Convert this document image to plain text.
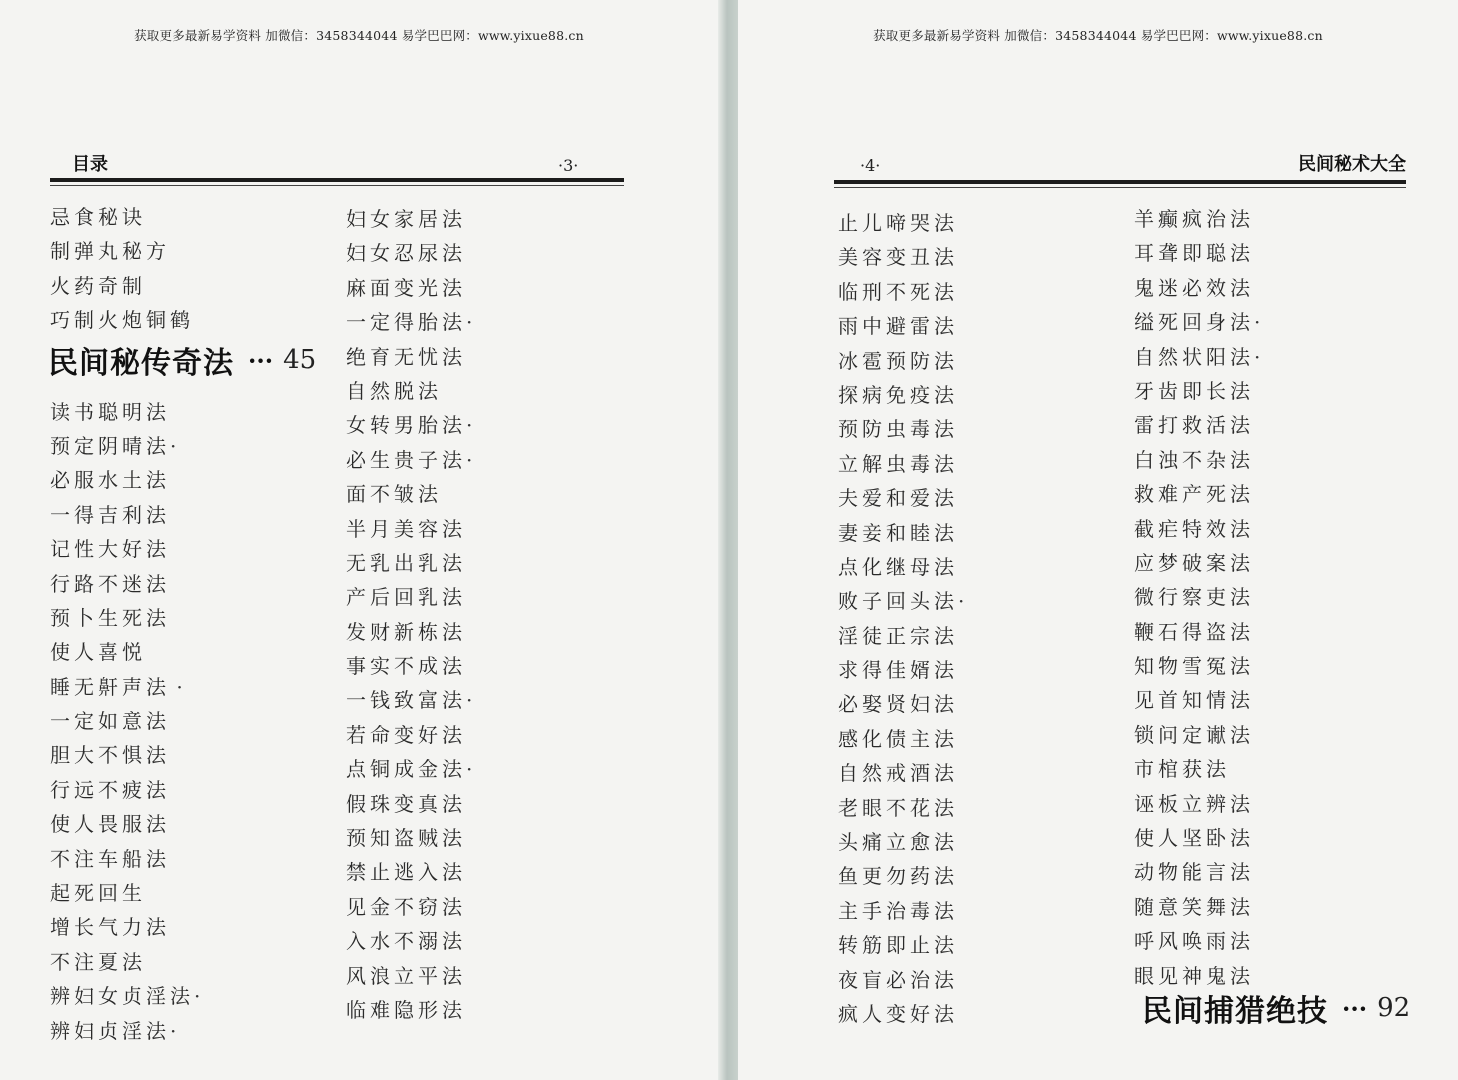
获取更多最新易学资料 加微信：3458344044 易学巴巴网：www.yixue88.cn
目录	·3·
忌食秘诀
制弹丸秘方
火药奇制
巧制火炮铜鹤
读书聪明法
预定阴晴法·
必服水土法
一得吉利法
记性大好法
行路不迷法
预卜生死法
使人喜悦
睡无鼾声法 ·
一定如意法
胆大不惧法
行远不疲法
使人畏服法
不注车船法
起死回生
增长气力法
不注夏法
辨妇女贞淫法·
辨妇贞淫法·
民间秘传奇法 ··· 45
妇女家居法
妇女忍尿法
麻面变光法
一定得胎法·
绝育无忧法
自然脱法
女转男胎法·
必生贵子法·
面不皱法
半月美容法
无乳出乳法
产后回乳法
发财新栋法
事实不成法
一钱致富法·
若命变好法
点铜成金法·
假珠变真法
预知盗贼法
禁止逃入法
见金不窃法
入水不溺法
风浪立平法
临难隐形法
获取更多最新易学资料 加微信：3458344044 易学巴巴网：www.yixue88.cn
·4·	民间秘术大全
止儿啼哭法
美容变丑法
临刑不死法
雨中避雷法
冰雹预防法
探病免疫法
预防虫毒法
立解虫毒法
夫爱和爱法
妻妾和睦法
点化继母法
败子回头法·
淫徒正宗法
求得佳婿法
必娶贤妇法
感化债主法
自然戒酒法
老眼不花法
头痛立愈法
鱼更勿药法
主手治毒法
转筋即止法
夜盲必治法
疯人变好法
羊癫疯治法
耳聋即聪法
鬼迷必效法
缢死回身法·
自然状阳法·
牙齿即长法
雷打救活法
白浊不杂法
救难产死法
截疟特效法
应梦破案法
微行察吏法
鞭石得盗法
知物雪冤法
见首知情法
锁问定谳法
市棺获法
诬板立辨法
使人坚卧法
动物能言法
随意笑舞法
呼风唤雨法
眼见神鬼法
民间捕猎绝技 ··· 92
